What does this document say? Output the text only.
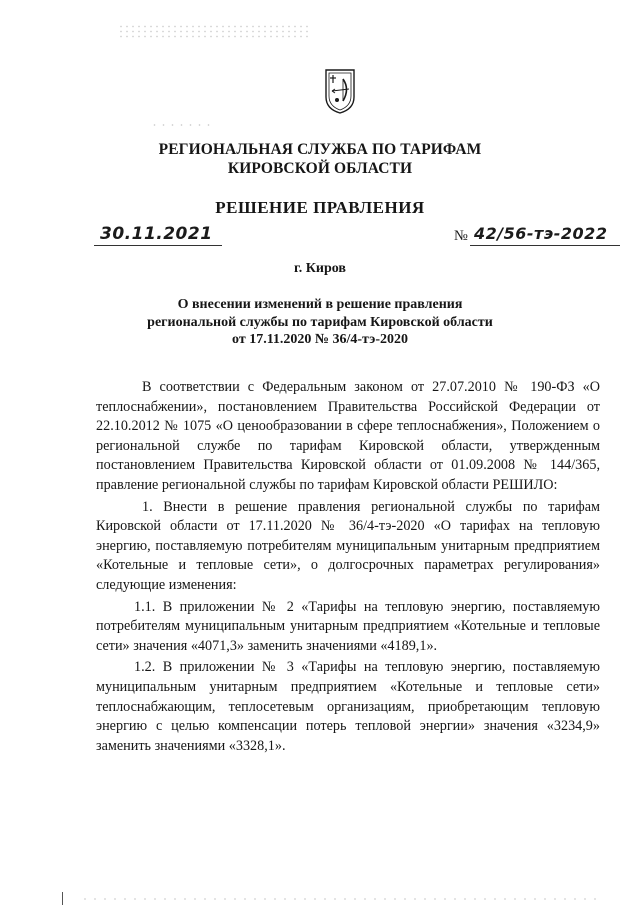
РЕГИОНАЛЬНАЯ СЛУЖБА ПО ТАРИФАМ
КИРОВСКОЙ ОБЛАСТИ
РЕШЕНИЕ ПРАВЛЕНИЯ
30.11.2021	№ 42/56-тэ-2022
г. Киров
О внесении изменений в решение правления
региональной службы по тарифам Кировской области
от 17.11.2020 № 36/4-тэ-2020

В соответствии с Федеральным законом от 27.07.2010 № 190-ФЗ «О теплоснабжении», постановлением Правительства Российской Федерации от 22.10.2012 № 1075 «О ценообразовании в сфере теплоснабжения», Положением о региональной службе по тарифам Кировской области, утвержденным постановлением Правительства Кировской области от 01.09.2008 № 144/365, правление региональной службы по тарифам Кировской области РЕШИЛО:

1. Внести в решение правления региональной службы по тарифам Кировской области от 17.11.2020 № 36/4-тэ-2020 «О тарифах на тепловую энергию, поставляемую потребителям муниципальным унитарным предприятием «Котельные и тепловые сети», о долгосрочных параметрах регулирования» следующие изменения:

1.1. В приложении № 2 «Тарифы на тепловую энергию, поставляемую потребителям муниципальным унитарным предприятием «Котельные и тепловые сети» значения «4071,3» заменить значениями «4189,1».

1.2. В приложении № 3 «Тарифы на тепловую энергию, поставляемую муниципальным унитарным предприятием «Котельные и тепловые сети» теплоснабжающим, теплосетевым организациям, приобретающим тепловую энергию с целью компенсации потерь тепловой энергии» значения «3234,9» заменить значениями «3328,1».
